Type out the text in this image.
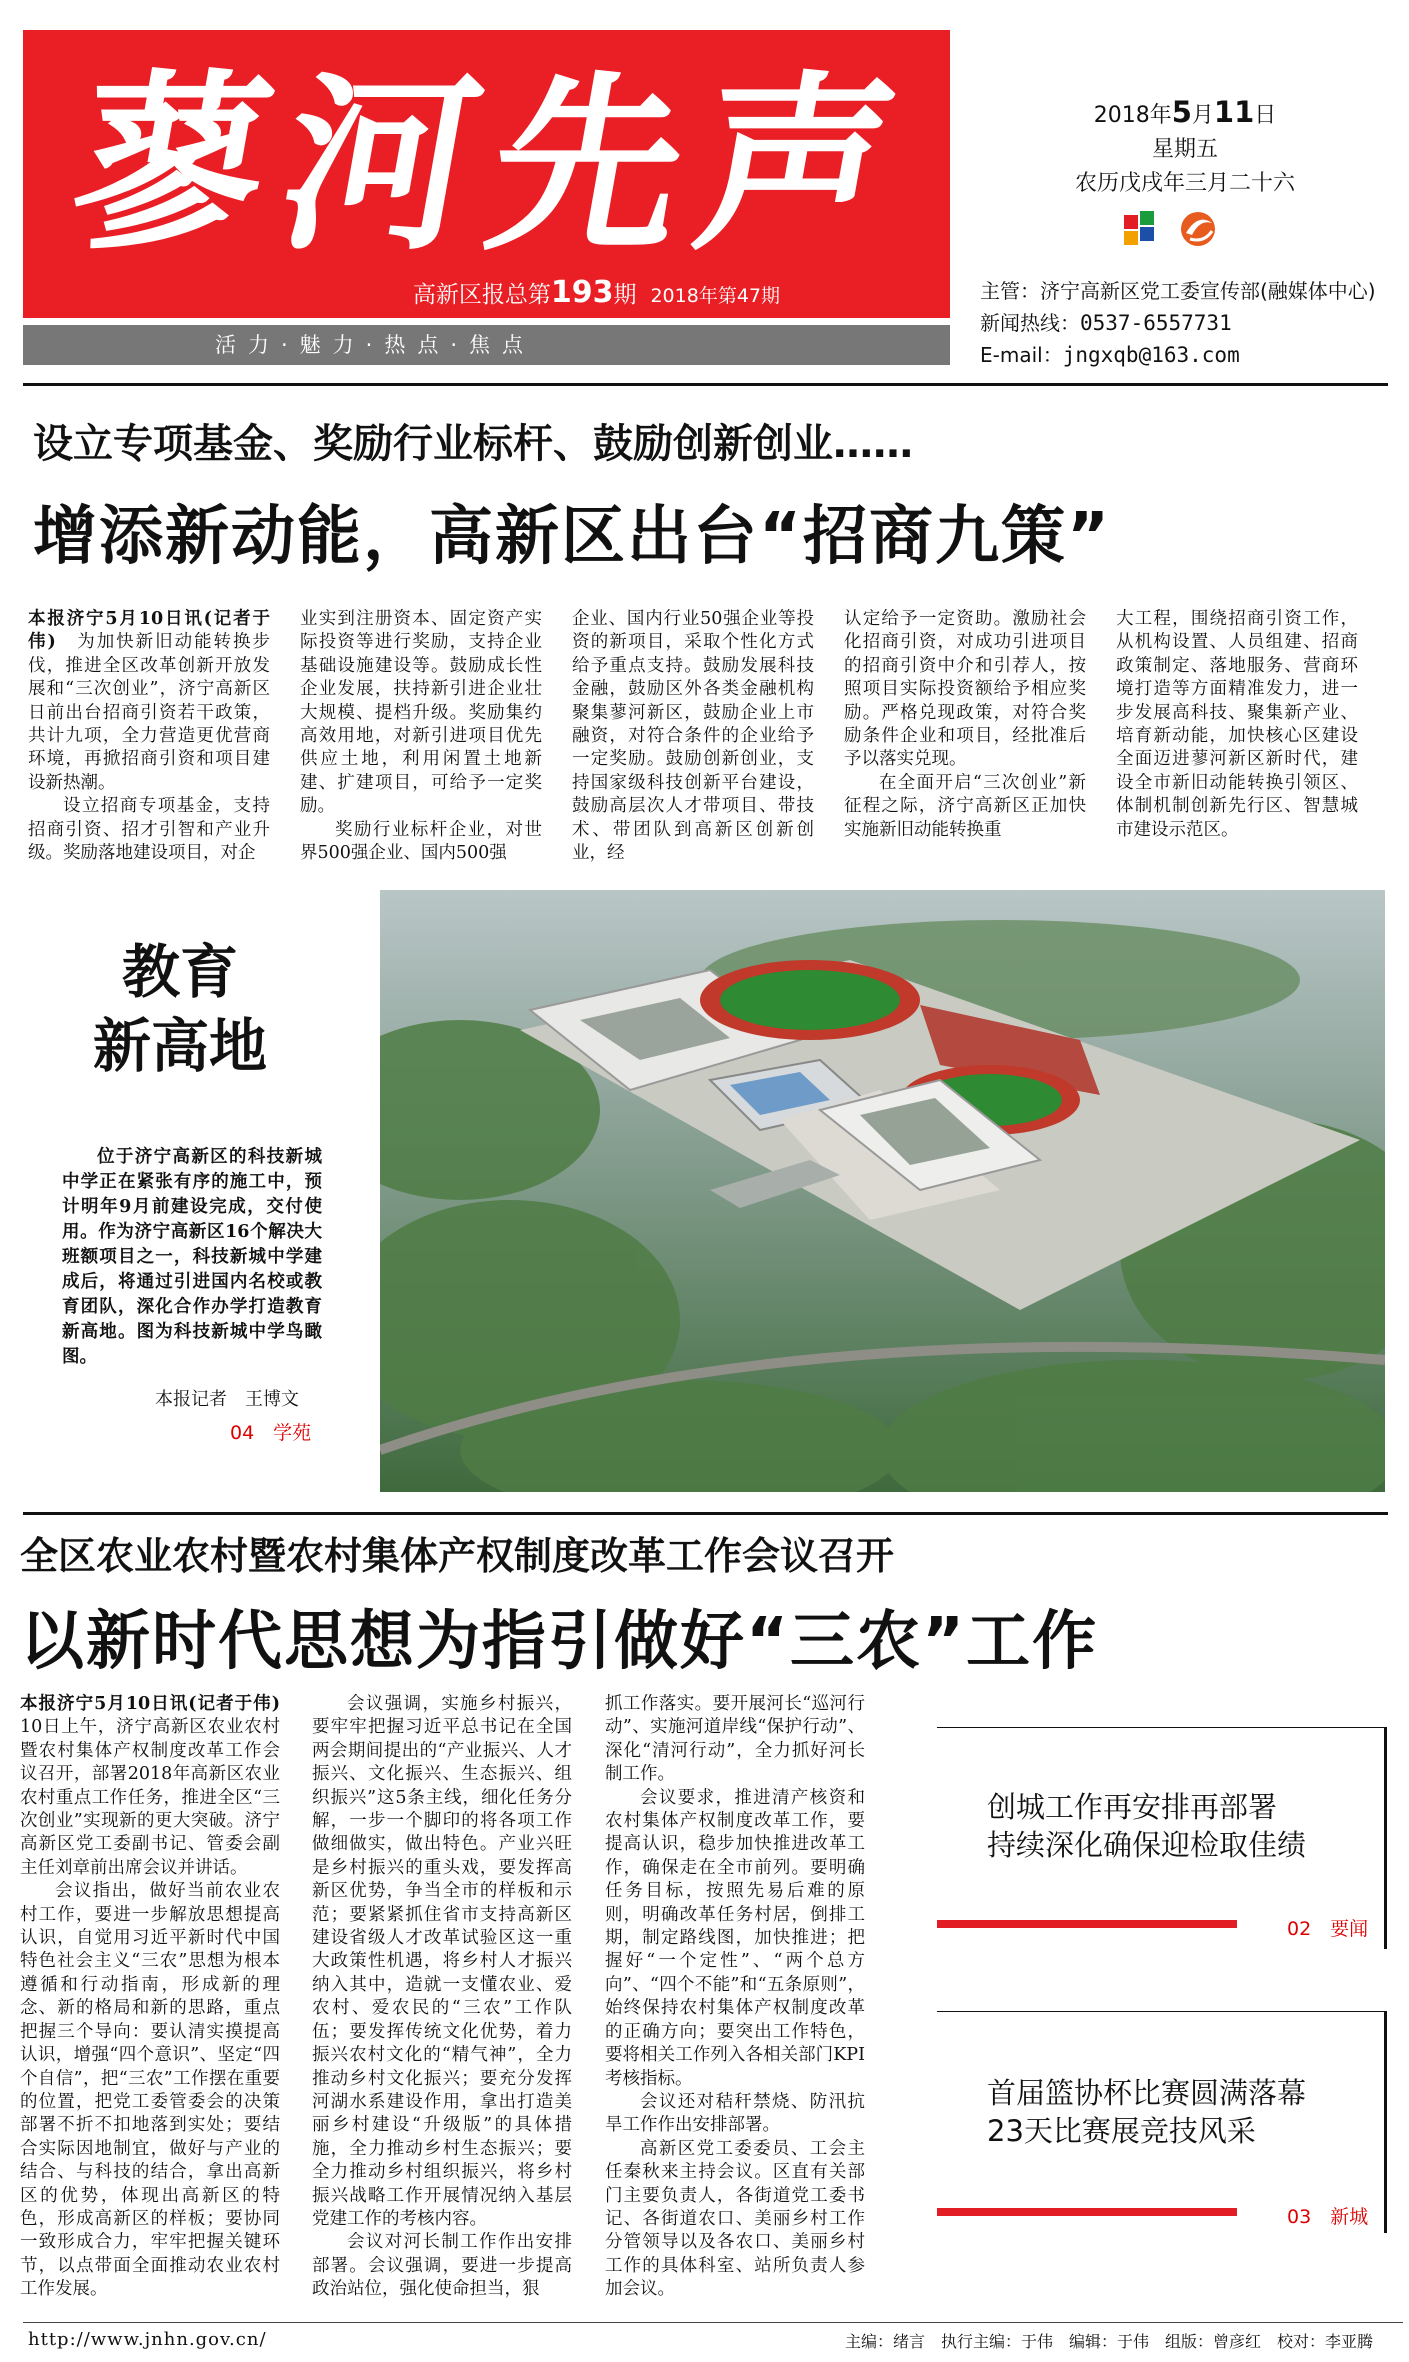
蓼河先声
高新区报总第193期 2018年第47期
活力·魅力·热点·焦点
2018年5月11日
星期五
农历戊戌年三月二十六
主管：济宁高新区党工委宣传部(融媒体中心)
新闻热线：0537-6557731
E-mail：jngxqb@163.com
设立专项基金、奖励行业标杆、鼓励创新创业……
增添新动能，高新区出台“招商九策”

本报济宁5月10日讯(记者于伟)　 为加快新旧动能转换步伐，推进全区改革创新开放发展和“三次创业”，济宁高新区日前出台招商引资若干政策，共计九项，全力营造更优营商环境，再掀招商引资和项目建设新热潮。

设立招商专项基金，支持招商引资、招才引智和产业升级。奖励落地建设项目，对企

业实到注册资本、固定资产实际投资等进行奖励，支持企业基础设施建设等。鼓励成长性企业发展，扶持新引进企业壮大规模、提档升级。奖励集约高效用地，对新引进项目优先供应土地，利用闲置土地新建、扩建项目，可给予一定奖励。

奖励行业标杆企业，对世界500强企业、国内500强

企业、国内行业50强企业等投资的新项目，采取个性化方式给予重点支持。鼓励发展科技金融，鼓励区外各类金融机构聚集蓼河新区，鼓励企业上市融资，对符合条件的企业给予一定奖励。鼓励创新创业，支持国家级科技创新平台建设，鼓励高层次人才带项目、带技术、带团队到高新区创新创业，经

认定给予一定资助。激励社会化招商引资，对成功引进项目的招商引资中介和引荐人，按照项目实际投资额给予相应奖励。严格兑现政策，对符合奖励条件企业和项目，经批准后予以落实兑现。

在全面开启“三次创业”新征程之际，济宁高新区正加快实施新旧动能转换重

大工程，围绕招商引资工作，从机构设置、人员组建、招商政策制定、落地服务、营商环境打造等方面精准发力，进一步发展高科技、聚集新产业、培育新动能，加快核心区建设全面迈进蓼河新区新时代，建设全市新旧动能转换引领区、体制机制创新先行区、智慧城市建设示范区。

教育
新高地
位于济宁高新区的科技新城中学正在紧张有序的施工中，预计明年9月前建设完成，交付使用。作为济宁高新区16个解决大班额项目之一，科技新城中学建成后，将通过引进国内名校或教育团队，深化合作办学打造教育新高地。图为科技新城中学鸟瞰图。
本报记者　王博文
04　学苑
全区农业农村暨农村集体产权制度改革工作会议召开
以新时代思想为指引做好“三农”工作

本报济宁5月10日讯(记者于伟)　10日上午，济宁高新区农业农村暨农村集体产权制度改革工作会议召开，部署2018年高新区农业农村重点工作任务，推进全区“三次创业”实现新的更大突破。济宁高新区党工委副书记、管委会副主任刘章前出席会议并讲话。

会议指出，做好当前农业农村工作，要进一步解放思想提高认识，自觉用习近平新时代中国特色社会主义“三农”思想为根本遵循和行动指南，形成新的理念、新的格局和新的思路，重点把握三个导向：要认清实摸提高认识，增强“四个意识”、坚定“四个自信”，把“三农”工作摆在重要的位置，把党工委管委会的决策部署不折不扣地落到实处；要结合实际因地制宜，做好与产业的结合、与科技的结合，拿出高新区的优势，体现出高新区的特色，形成高新区的样板；要协同一致形成合力，牢牢把握关键环节，以点带面全面推动农业农村工作发展。

会议强调，实施乡村振兴，要牢牢把握习近平总书记在全国两会期间提出的“产业振兴、人才振兴、文化振兴、生态振兴、组织振兴”这5条主线，细化任务分解，一步一个脚印的将各项工作做细做实，做出特色。产业兴旺是乡村振兴的重头戏，要发挥高新区优势，争当全市的样板和示范；要紧紧抓住省市支持高新区建设省级人才改革试验区这一重大政策性机遇，将乡村人才振兴纳入其中，造就一支懂农业、爱农村、爱农民的“三农”工作队伍；要发挥传统文化优势，着力振兴农村文化的“精气神”，全力推动乡村文化振兴；要充分发挥河湖水系建设作用，拿出打造美丽乡村建设“升级版”的具体措施，全力推动乡村生态振兴；要全力推动乡村组织振兴，将乡村振兴战略工作开展情况纳入基层党建工作的考核内容。

会议对河长制工作作出安排部署。会议强调，要进一步提高政治站位，强化使命担当，狠

抓工作落实。要开展河长“巡河行动”、实施河道岸线“保护行动”、深化“清河行动”，全力抓好河长制工作。

会议要求，推进清产核资和农村集体产权制度改革工作，要提高认识，稳步加快推进改革工作，确保走在全市前列。要明确任务目标，按照先易后难的原则，明确改革任务村居，倒排工期，制定路线图，加快推进；把握好“一个定性”、“两个总方向”、“四个不能”和“五条原则”，始终保持农村集体产权制度改革的正确方向；要突出工作特色，要将相关工作列入各相关部门KPI考核指标。

会议还对秸秆禁烧、防汛抗旱工作作出安排部署。

高新区党工委委员、工会主任秦秋来主持会议。区直有关部门主要负责人，各街道党工委书记、各街道农口、美丽乡村工作分管领导以及各农口、美丽乡村工作的具体科室、站所负责人参加会议。

创城工作再安排再部署
持续深化确保迎检取佳绩
02　要闻
首届篮协杯比赛圆满落幕
23天比赛展竞技风采
03　新城
http://www.jnhn.gov.cn/	主编：绪言　执行主编：于伟　编辑：于伟　组版：曾彦红　校对：李亚腾
